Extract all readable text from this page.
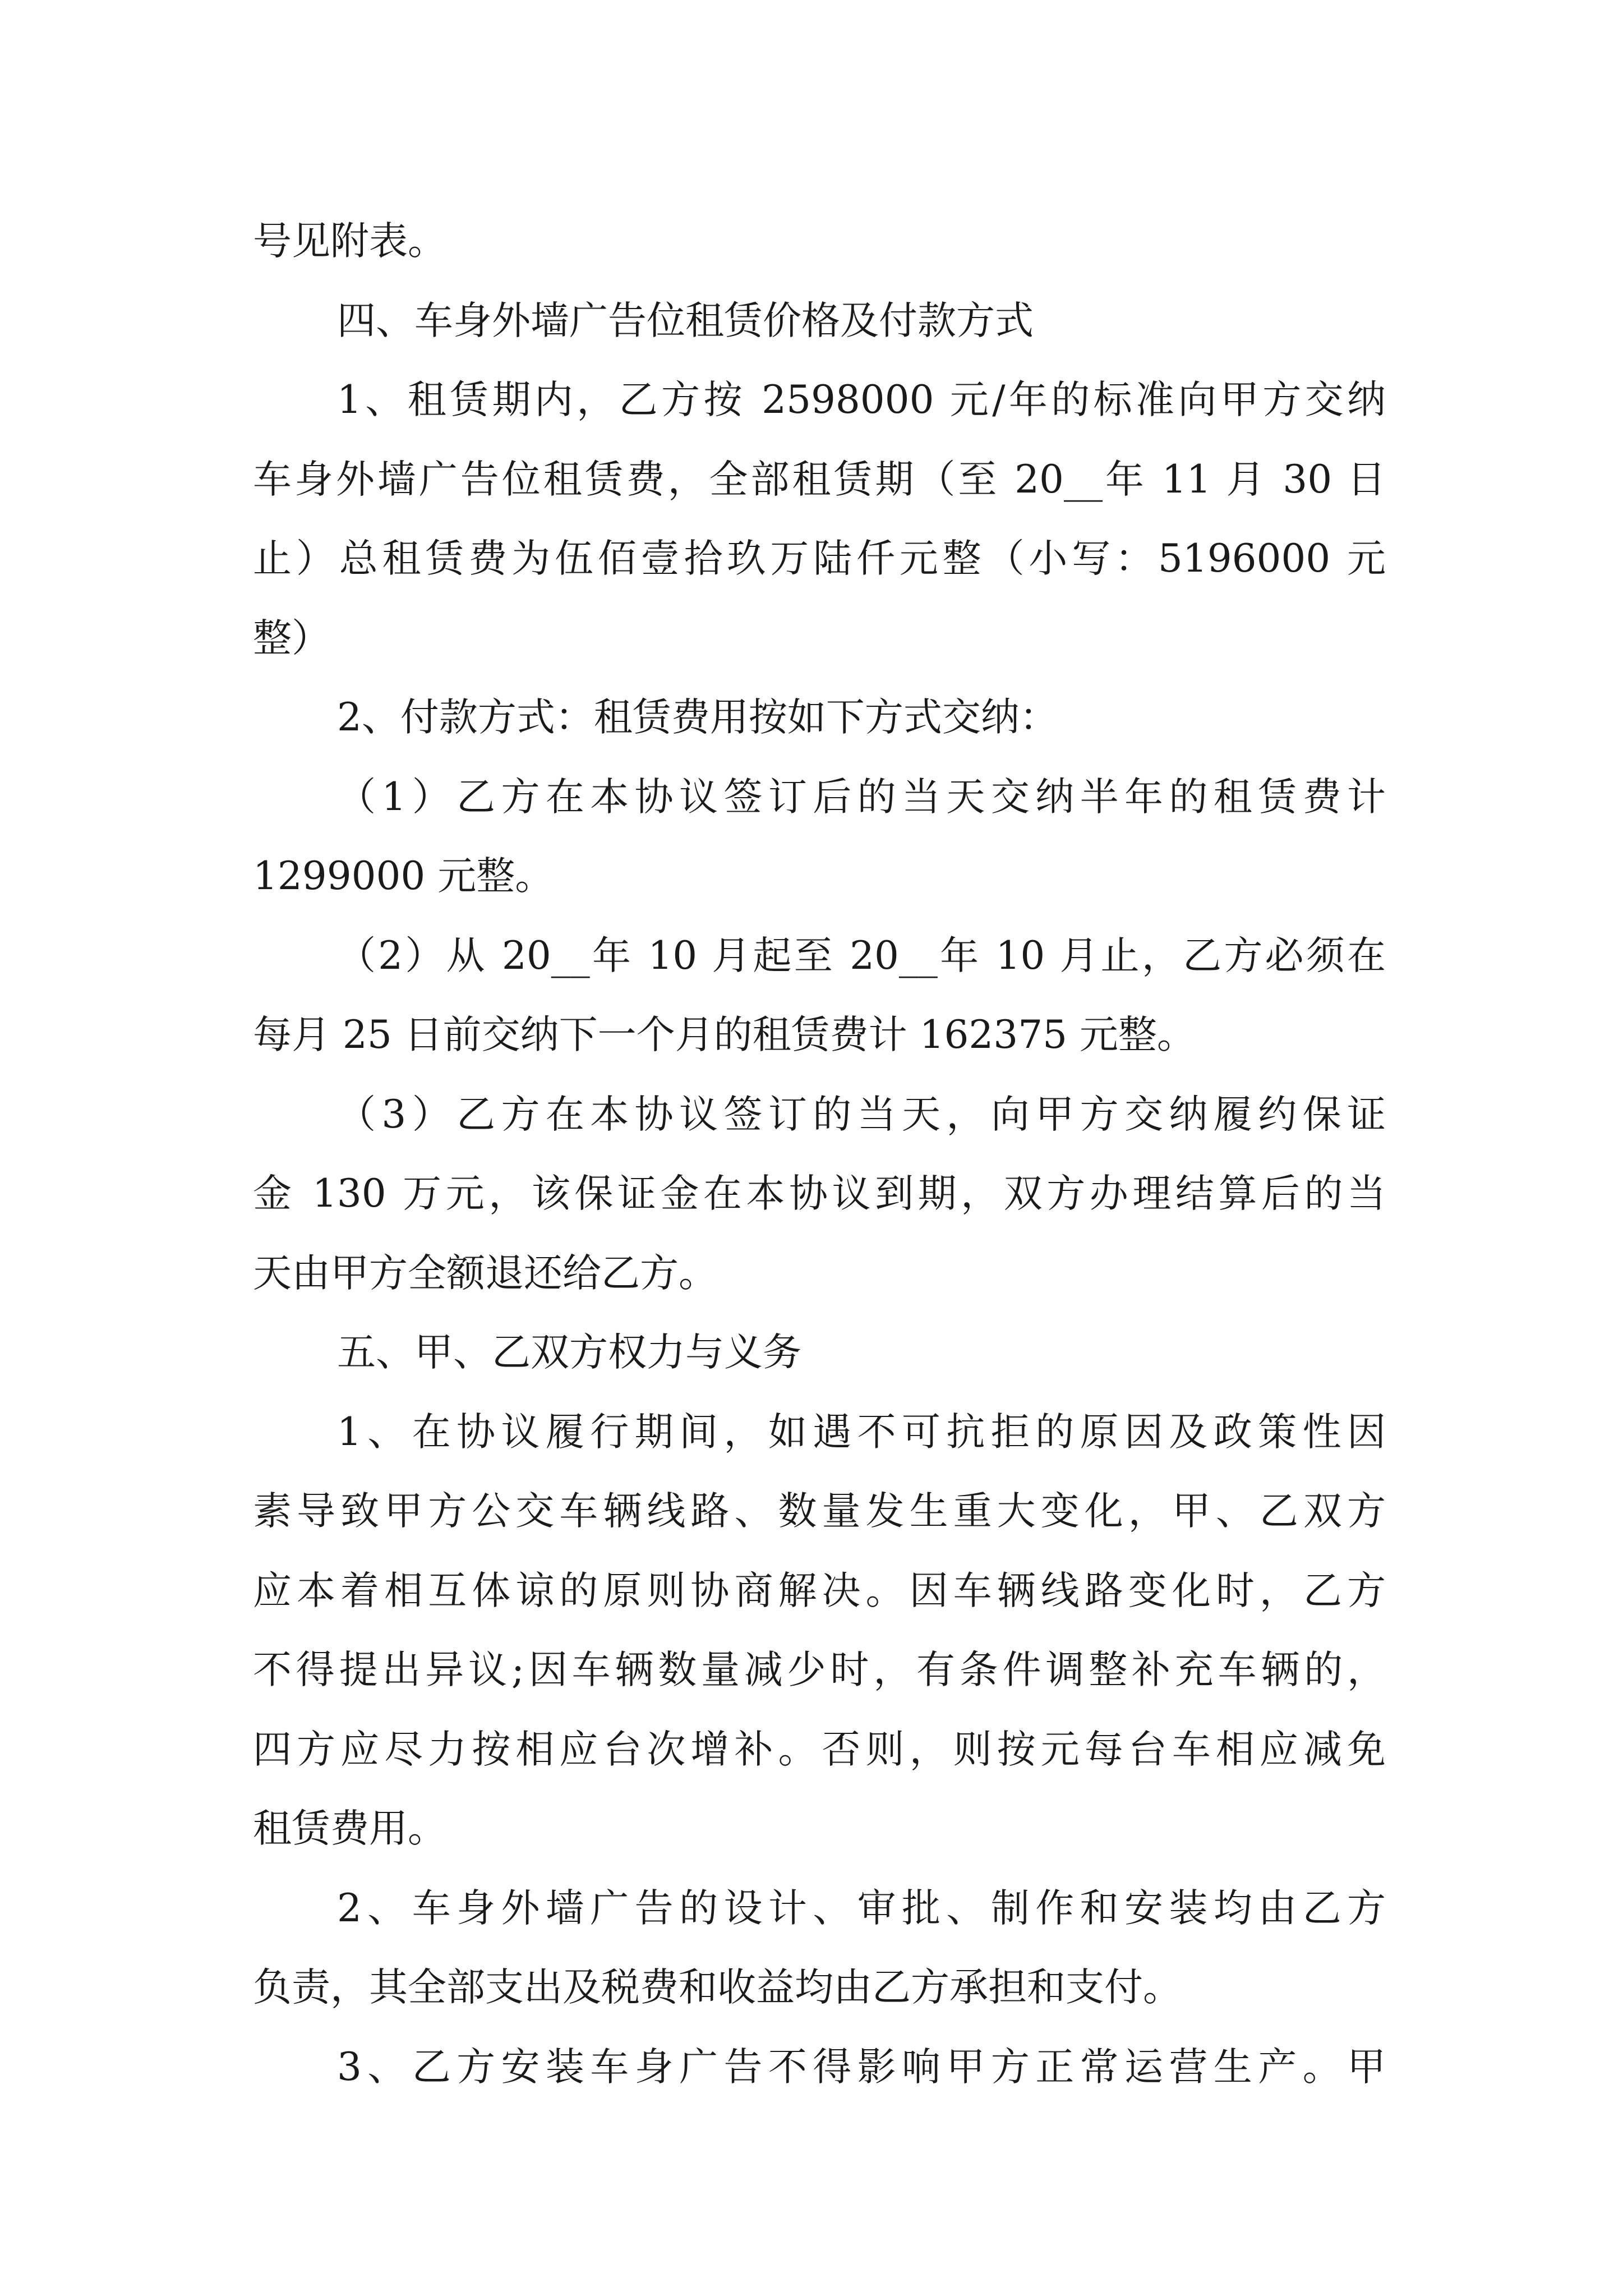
号见附表。
四、车身外墙广告位租赁价格及付款方式
1、租赁期内，乙方按 2598000 元/年的标准向甲方交纳
车身外墙广告位租赁费，全部租赁期（至 20__年 11 月 30 日
止）总租赁费为伍佰壹拾玖万陆仟元整（小写：5196000 元
整）
2、付款方式：租赁费用按如下方式交纳：
（1）乙方在本协议签订后的当天交纳半年的租赁费计
1299000 元整。
（2）从 20__年 10 月起至 20__年 10 月止，乙方必须在
每月 25 日前交纳下一个月的租赁费计 162375 元整。
（3）乙方在本协议签订的当天，向甲方交纳履约保证
金 130 万元，该保证金在本协议到期，双方办理结算后的当
天由甲方全额退还给乙方。
五、甲、乙双方权力与义务
1、在协议履行期间，如遇不可抗拒的原因及政策性因
素导致甲方公交车辆线路、数量发生重大变化，甲、乙双方
应本着相互体谅的原则协商解决。因车辆线路变化时，乙方
不得提出异议;因车辆数量减少时，有条件调整补充车辆的，
四方应尽力按相应台次增补。否则，则按元每台车相应减免
租赁费用。
2、车身外墙广告的设计、审批、制作和安装均由乙方
负责，其全部支出及税费和收益均由乙方承担和支付。
3、乙方安装车身广告不得影响甲方正常运营生产。甲
